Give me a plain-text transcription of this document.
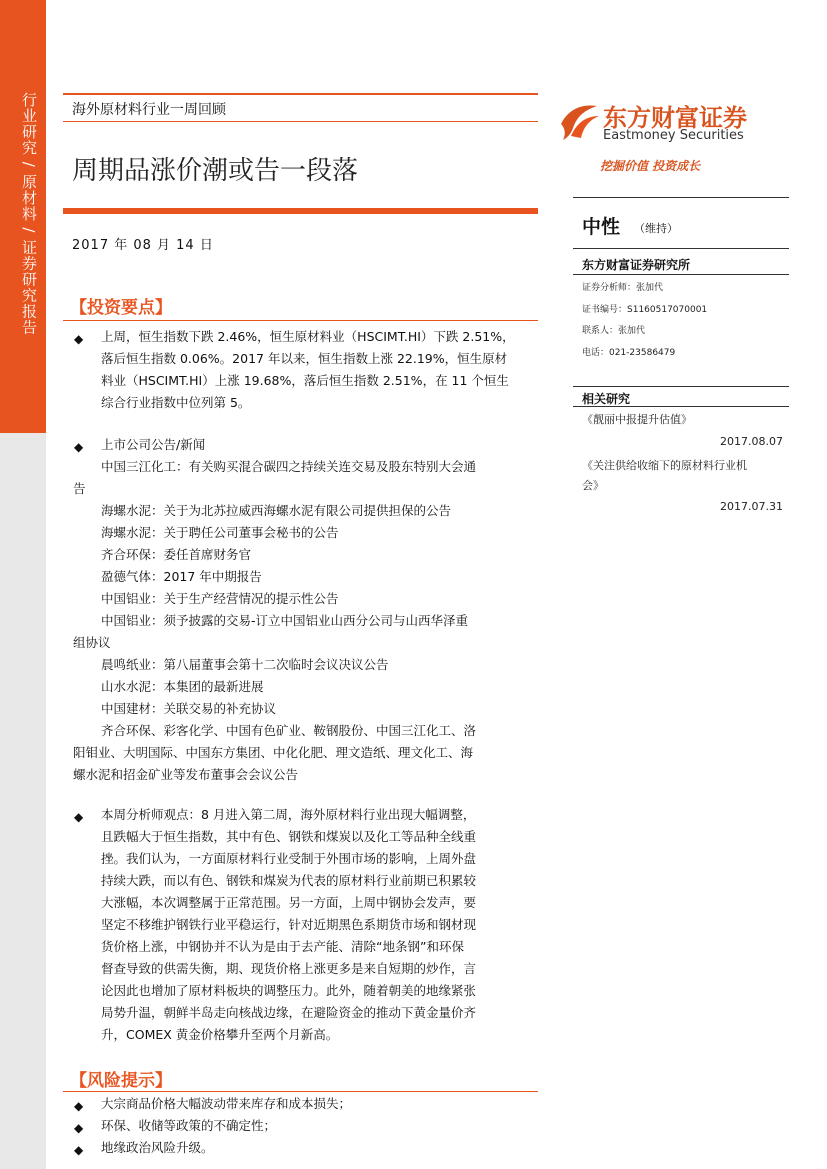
行业研究 / 原材料 / 证券研究报告 海外原材料行业一周回顾
周期品涨价潮或告一段落
2017 年 08 月 14 日
东方财富证券
Eastmoney Securities
挖掘价值 投资成长
中性 （维持）
东方财富证券研究所
证券分析师：张加代
证书编号：S1160517070001
联系人：张加代
电话：021-23586479
相关研究
《靓丽中报提升估值》
2017.08.07
《关注供给收缩下的原材料行业机
会》
2017.07.31
【投资要点】
◆ 上周，恒生指数下跌 2.46%，恒生原材料业（HSCIMT.HI）下跌 2.51%，
落后恒生指数 0.06%。2017 年以来，恒生指数上涨 22.19%，恒生原材
料业（HSCIMT.HI）上涨 19.68%，落后恒生指数 2.51%，在 11 个恒生
综合行业指数中位列第 5。
◆ 上市公司公告/新闻
中国三江化工：有关购买混合碳四之持续关连交易及股东特别大会通
告
海螺水泥：关于为北苏拉威西海螺水泥有限公司提供担保的公告
海螺水泥：关于聘任公司董事会秘书的公告
齐合环保：委任首席财务官
盈德气体：2017 年中期报告
中国铝业：关于生产经营情况的提示性公告
中国铝业：须予披露的交易-订立中国铝业山西分公司与山西华泽重
组协议
晨鸣纸业：第八届董事会第十二次临时会议决议公告
山水水泥：本集团的最新进展
中国建材：关联交易的补充协议
齐合环保、彩客化学、中国有色矿业、鞍钢股份、中国三江化工、洛
阳钼业、大明国际、中国东方集团、中化化肥、理文造纸、理文化工、海
螺水泥和招金矿业等发布董事会会议公告
◆ 本周分析师观点：8 月进入第二周，海外原材料行业出现大幅调整，
且跌幅大于恒生指数，其中有色、钢铁和煤炭以及化工等品种全线重
挫。我们认为，一方面原材料行业受制于外围市场的影响，上周外盘
持续大跌，而以有色、钢铁和煤炭为代表的原材料行业前期已积累较
大涨幅，本次调整属于正常范围。另一方面，上周中钢协会发声，要
坚定不移维护钢铁行业平稳运行，针对近期黑色系期货市场和钢材现
货价格上涨，中钢协并不认为是由于去产能、清除“地条钢”和环保
督查导致的供需失衡，期、现货价格上涨更多是来自短期的炒作，言
论因此也增加了原材料板块的调整压力。此外，随着朝美的地缘紧张
局势升温，朝鲜半岛走向核战边缘，在避险资金的推动下黄金量价齐
升，COMEX 黄金价格攀升至两个月新高。
【风险提示】
◆ 大宗商品价格大幅波动带来库存和成本损失；
◆ 环保、收储等政策的不确定性；
◆ 地缘政治风险升级。
